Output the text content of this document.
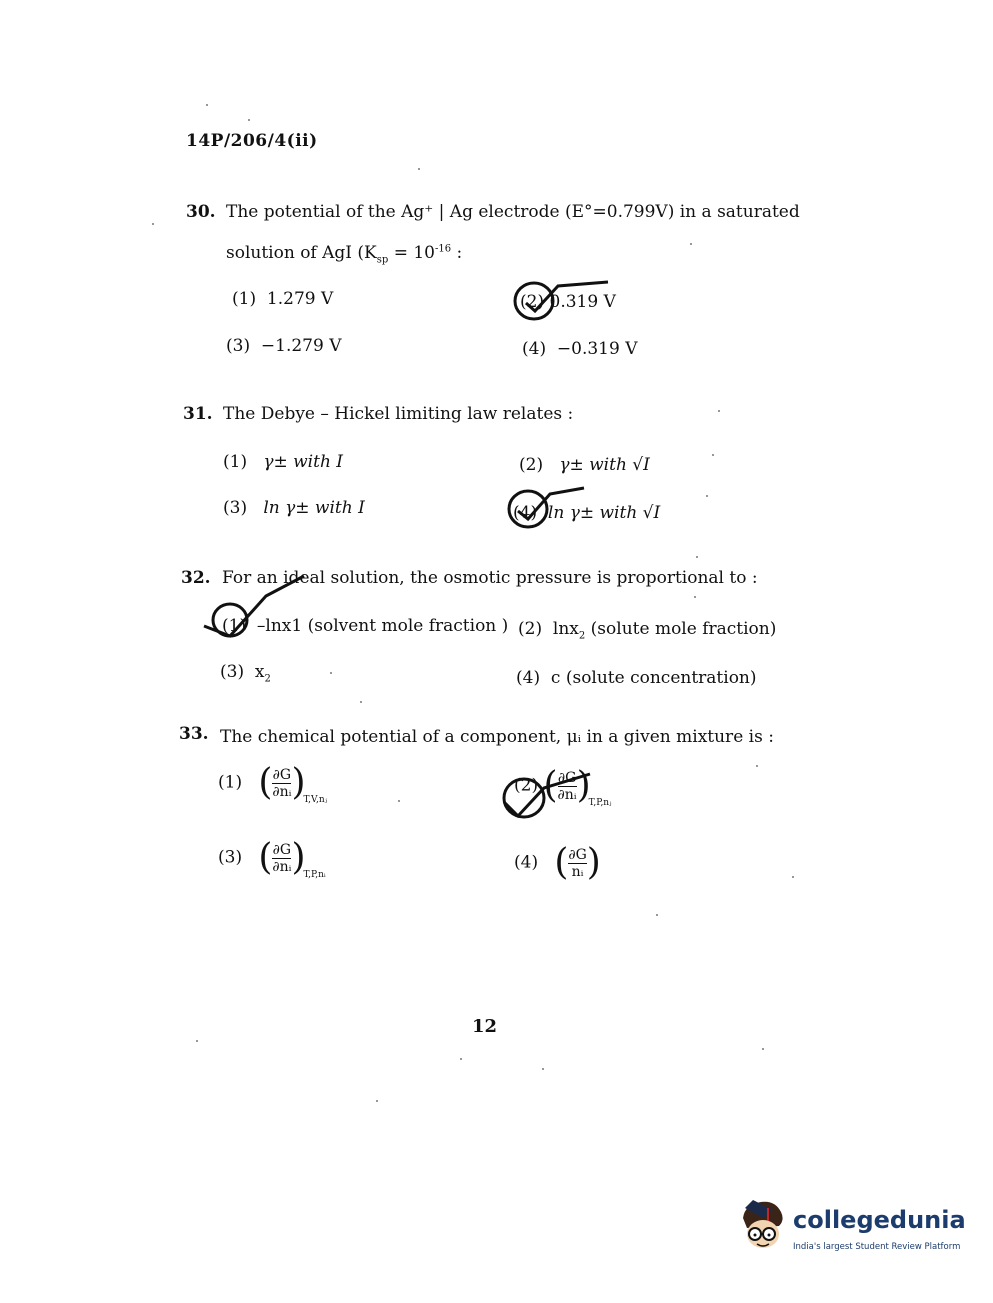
14P/206/4(ii)
30. The potential of the Ag⁺ | Ag electrode (E°=0.799V) in a saturated
solution of AgI ($K_{sp} = 10^{-16}$ :
(1) 1.279 V	(2) 0.319 V
(3) −1.279 V	(4) −0.319 V
31. The Debye – Hickel limiting law relates :
(1) γ± with I	(2) γ± with √I
(3) ln γ± with I	(4) ln γ± with √I
32. For an ideal solution, the osmotic pressure is proportional to :
(1) –lnx1 (solvent mole fraction ) (2) lnx$_2$ (solute mole fraction)
(3) $x_2$	(4) c (solute concentration)
33. The chemical potential of a component, μᵢ in a given mixture is :
(1) ( $\frac{\partial G}{\text{∂nᵢ}} )_{T,V,nⱼ}$
(2) ( $\frac{\partial G}{\text{∂nᵢ}} )_{T,P,nⱼ}$
(3) ( $\frac{\partial G}{\text{∂nᵢ}} )_{T,P,nᵢ}$
(4) ( $\frac{\partial G}{\text{nᵢ}}$ )
12
collegedunia
India's largest Student Review Platform
